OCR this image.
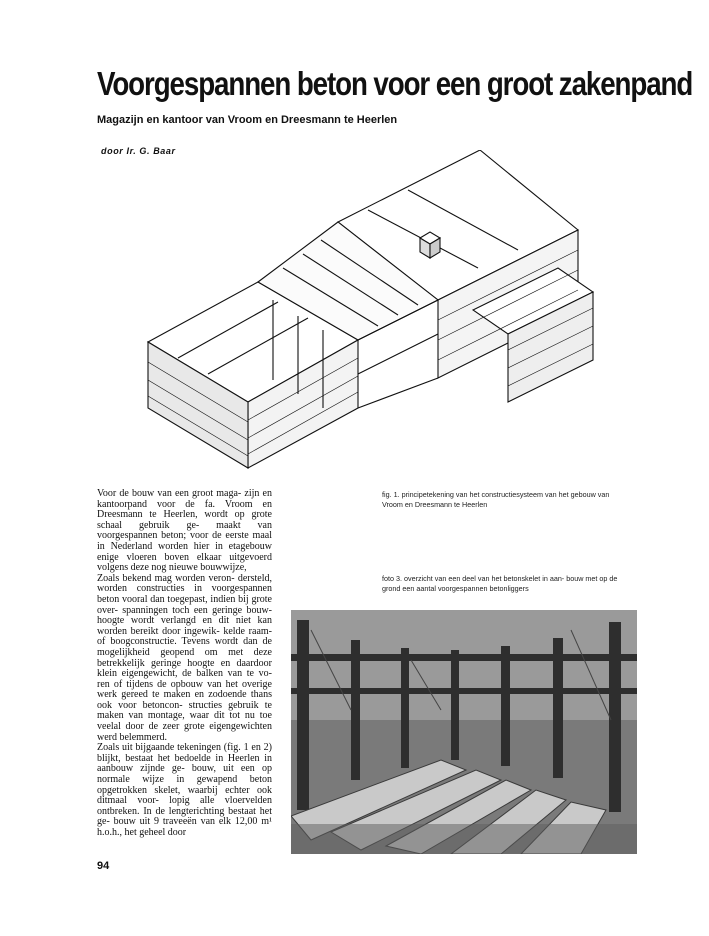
Voorgespannen beton voor een groot zakenpand
Magazijn en kantoor van Vroom en Dreesmann te Heerlen
door Ir. G. Baar

Voor de bouw van een groot maga- zijn en kantoorpand voor de fa. Vroom en Dreesmann te Heerlen, wordt op grote schaal gebruik ge- maakt van voorgespannen beton; voor de eerste maal in Nederland worden hier in etagebouw enige vloeren boven elkaar uitgevoerd volgens deze nog nieuwe bouwwijze,

Zoals bekend mag worden veron- dersteld, worden constructies in voorgespannen beton vooral dan toegepast, indien bij grote over- spanningen toch een geringe bouw- hoogte wordt verlangd en dit niet kan worden bereikt door ingewik- kelde raam- of boogconstructie. Tevens wordt dan de mogelijkheid geopend om met deze betrekkelijk geringe hoogte en daardoor klein eigengewicht, de balken van te vo- ren of tijdens de opbouw van het overige werk gereed te maken en zodoende thans ook voor betoncon- structies gebruik te maken van montage, waar dit tot nu toe veelal door de zeer grote eigengewichten werd belemmerd.

Zoals uit bijgaande tekeningen (fig. 1 en 2) blijkt, bestaat het bedoelde in Heerlen in aanbouw zijnde ge- bouw, uit een op normale wijze in gewapend beton opgetrokken skelet, waarbij echter ook ditmaal voor- lopig alle vloervelden ontbreken. In de lengterichting bestaat het ge- bouw uit 9 traveeën van elk 12,00 m¹ h.o.h., het geheel door

fig. 1. principetekening van het constructiesysteem van het gebouw van Vroom en Dreesmann te Heerlen
foto 3. overzicht van een deel van het betonskelet in aan- bouw met op de grond een aantal voorgespannen betonliggers
94
